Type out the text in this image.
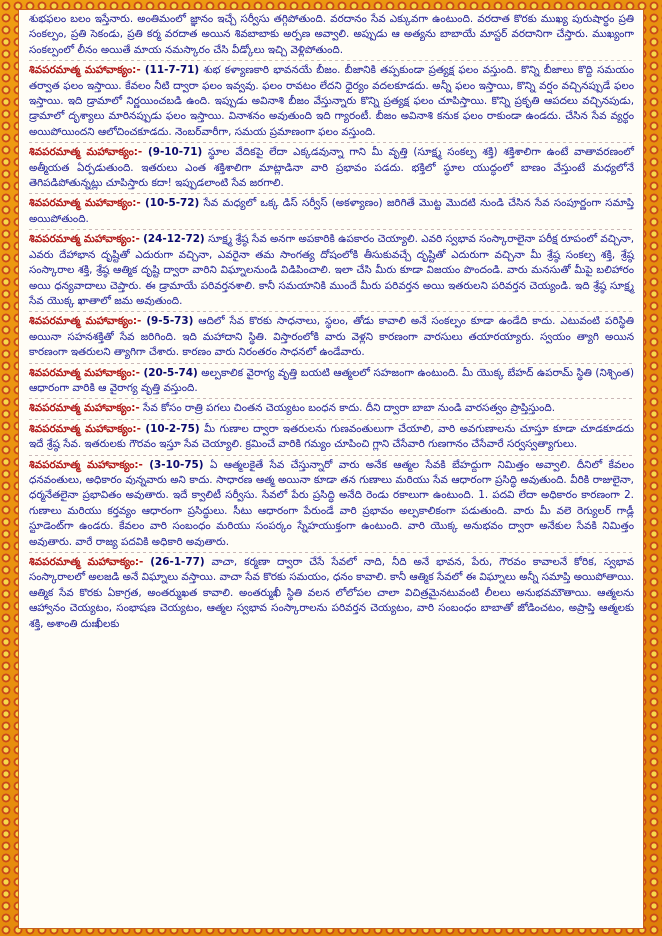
శుభఫలం బలం ఇస్తేనారు. అంతిమంలో జ్ఞానం ఇచ్చే సర్వీసు తగ్గిపోతుంది. వరదానం సేవ ఎక్కువగా ఉంటుంది. వరదాత కొరకు ముఖ్య పురుషార్థం ప్రతి సంకల్పం, ప్రతి సెకండు, ప్రతి కర్మ వరదాత అయిన శివబాబాకు అర్పణ అవ్వాలి. అప్పుడు ఆ అత్యను బాబాయే మాస్టర్ వరదానిగా చేస్తారు. ముఖ్యంగా సంకల్పంలో లీనం అయితే మాయ నమస్కారం చేసి వీడ్కోలు ఇచ్చి వెళ్లిపోతుంది.

శివపరమాత్మ మహావాక్యం:- (11-7-71) శుభ కళ్యాణకారి భావనయే బీజం. బీజానికి తప్పకుండా ప్రత్యక్ష ఫలం వస్తుంది. కొన్ని బీజాలు కొద్ది సమయం తర్వాత ఫలం ఇస్తాయి. కేవలం నీటి ద్వారా ఫలం ఇవ్వవు. ఫలం రావటం లేదని ధైర్యం వదలకూడదు. అన్నీ ఫలం ఇస్తాయి, కొన్ని వర్షం వచ్చినప్పుడే ఫలం ఇస్తాయి. ఇది డ్రామాలో నిర్ణయించబడి ఉంది. ఇప్పుడు అవినాశి బీజం వేస్తున్నారు కొన్ని ప్రత్యక్ష ఫలం చూపిస్తాయి. కొన్ని ప్రకృతి ఆపదలు వచ్చినపుడు, డ్రామాలో దృశ్యాలు మారినప్పుడు ఫలం ఇస్తాయి. వినాశనం అవుతుంది ఇది గ్యారంటీ. బీజం అవినాశి కనుక ఫలం రాకుండా ఉండదు. చేసిన సేవ వ్యర్థం అయిపోయిందని ఆలోచించకూడదు. నెంబర్‌వారీగా, సమయ ప్రమాణంగా ఫలం వస్తుంది.

శివపరమాత్మ మహావాక్యం:- (9-10-71) స్థూల వేదికపై లేదా ఎక్కడవున్నా గాని మీ వృత్తి (సూక్ష్మ సంకల్ప శక్తి) శక్తిశాలిగా ఉంటే వాతావరణంలో అత్మీయత ఏర్పడుతుంది. ఇతరులు ఎంత శక్తిశాలిగా మాట్లాడినా వారి ప్రభావం పడదు. భక్తిలో స్థూల యుద్ధంలో బాణం వేస్తుంటే మధ్యలోనే తెగిపడిపోతున్నట్లు చూపిస్తారు కదా! ఇప్పుడలాంటి సేవ జరగాలి.

శివపరమాత్మ మహావాక్యం:- (10-5-72) సేవ మధ్యలో ఒక్క డిస్ సర్వీస్ (అకళ్యాణం) జరిగితే మొట్ట మొదటి నుండి చేసిన సేవ సంపూర్ణంగా సమాప్తి అయిపోతుంది.

శివపరమాత్మ మహావాక్యం:- (24-12-72) సూక్ష్మ శ్రేష్ఠ సేవ అనగా అపకారికి ఉపకారం చెయ్యాలి. ఎవరి స్వభావ సంస్కారాలైనా పరీక్ష రూపంలో వచ్చినా, ఎవరు దేహాభాన దృష్టితో ఎదురుగా వచ్చినా, ఎవరైనా తమ సాంగత్య దోషంలోకి తీసుకువచ్చే దృష్టితో ఎదురుగా వచ్చినా మీ శ్రేష్ఠ సంకల్ప శక్తి, శ్రేష్ఠ సంస్కారాల శక్తి, శ్రేష్ఠ ఆత్మిక దృష్టి ద్వారా వారిని విఘ్నాలనుండి విడిపించాలి. ఇలా చేసి మీరు కూడా విజయం పొందండి. వారు మనసుతో మీపై బలిహారం అయి ధన్యవాదాలు చెప్తారు. ఈ డ్రామాయే పరివర్తనశాలి. కానీ సమయానికి ముందే మీరు పరివర్తన అయి ఇతరులని పరివర్తన చెయ్యండి. ఇది శ్రేష్ఠ సూక్ష్మ సేవ యొక్క ఖాతాలో జమ అవుతుంది.

శివపరమాత్మ మహావాక్యం:- (9-5-73) ఆదిలో సేవ కొరకు సాధనాలు, స్థలం, తోడు కావాలి అనే సంకల్పం కూడా ఉండేది కాదు. ఎటువంటి పరిస్థితి అయినా సహనశక్తితో సేవ జరిగింది. ఇది మహాదాని స్థితి. విస్తారంలోకి వారు వెళ్లని కారణంగా వారసులు తయారయ్యారు. స్వయం త్యాగి అయిన కారణంగా ఇతరులని త్యాగిగా చేశారు. కారణం వారు నిరంతరం సాధనలో ఉండేవారు.

శివపరమాత్మ మహావాక్యం:- (20-5-74) అల్పకాలిక వైరాగ్య వృత్తి బయటి ఆత్మలలో సహజంగా ఉంటుంది. మీ యొక్క బేహద్ ఉపరామ్ స్థితి (నిశ్చింత) ఆధారంగా వారికి ఆ వైరాగ్య వృత్తి వస్తుంది.

శివపరమాత్మ మహావాక్యం:- సేవ కోసం రాత్రి పగలు చింతన చెయ్యటం బంధన కాదు. దీని ద్వారా బాబా నుండి వారసత్వం ప్రాప్తిస్తుంది.

శివపరమాత్మ మహావాక్యం:- (10-2-75) మీ గుణాల ద్వారా ఇతరులను గుణవంతులుగా చేయాలి, వారి అవగుణాలను చూస్తూ కూడా చూడకూడదు ఇదే శ్రేష్ఠ సేవ. ఇతరులకు గౌరవం ఇస్తూ సేవ చెయ్యాలి. క్రమించే వారికి గమ్యం చూపించి గ్లాని చేసేవారి గుణగానం చేసేవారే సర్వస్వత్యాగులు.

శివపరమాత్మ మహావాక్యం:- (3-10-75) ఏ ఆత్మలకైతే సేవ చేస్తున్నారో వారు అనేక ఆత్మల సేవకి బేహద్దుగా నిమిత్తం అవ్వాలి. దీనిలో కేవలం ధనవంతులు, అధికారం వున్నవారు అని కాదు. సాధారణ ఆత్మ అయినా కూడా తన గుణాలు మరియు సేవ ఆధారంగా ప్రసిద్ధి అవుతుంది. వీరికి రాజులైనా, ధర్మనేతలైనా ప్రభావితం అవుతారు. ఇదే క్వాలిటీ సర్వీసు. సేవలో పేరు ప్రసిద్ధి అనేది రెండు రకాలుగా ఉంటుంది. 1. పదవి లేదా అధికారం కారణంగా 2. గుణాలు మరియు కర్తవ్యం ఆధారంగా ప్రసిద్ధులు. సీటు ఆధారంగా పేరుండే వారి ప్రభావం అల్పకాలికంగా పడుతుంది. వారు మీ వలె రెగ్యులర్ గాడ్లీ స్టూడెంట్‌గా ఉండరు. కేవలం వారి సంబంధం మరియు సంపర్కం స్నేహయుక్తంగా ఉంటుంది. వారి యొక్క అనుభవం ద్వారా అనేకుల సేవకి నిమిత్తం అవుతారు. వారే రాజ్య పదవికి అధికారి అవుతారు.

శివపరమాత్మ మహావాక్యం:- (26-1-77) వాచా, కర్మణా ద్వారా చేసే సేవలో నాది, నీది అనే భావన, పేరు, గౌరవం కావాలనే కోరిక, స్వభావ సంస్కారాలలో అలజడి అనే విఘ్నాలు వస్తాయి. వాచా సేవ కొరకు సమయం, ధనం కావాలి. కానీ ఆత్మిక సేవలో ఈ విఘ్నాలు అన్నీ సమాప్తి అయిపోతాయి. ఆత్మిక సేవ కొరకు ఏకాగ్రత, అంతర్ముఖత కావాలి. అంతర్ముఖీ స్థితి వలన లోలోపల చాలా విచిత్రమైనటువంటి లీలలు అనుభవమౌతాయి. ఆత్మలను ఆహ్వానం చెయ్యటం, సంభాషణ చెయ్యటం, ఆత్మల స్వభావ సంస్కారాలను పరివర్తన చెయ్యటం, వారి సంబంధం బాబాతో జోడించటం, అప్రాప్తి ఆత్మలకు శక్తి, అశాంతి దుఃఖీలకు
